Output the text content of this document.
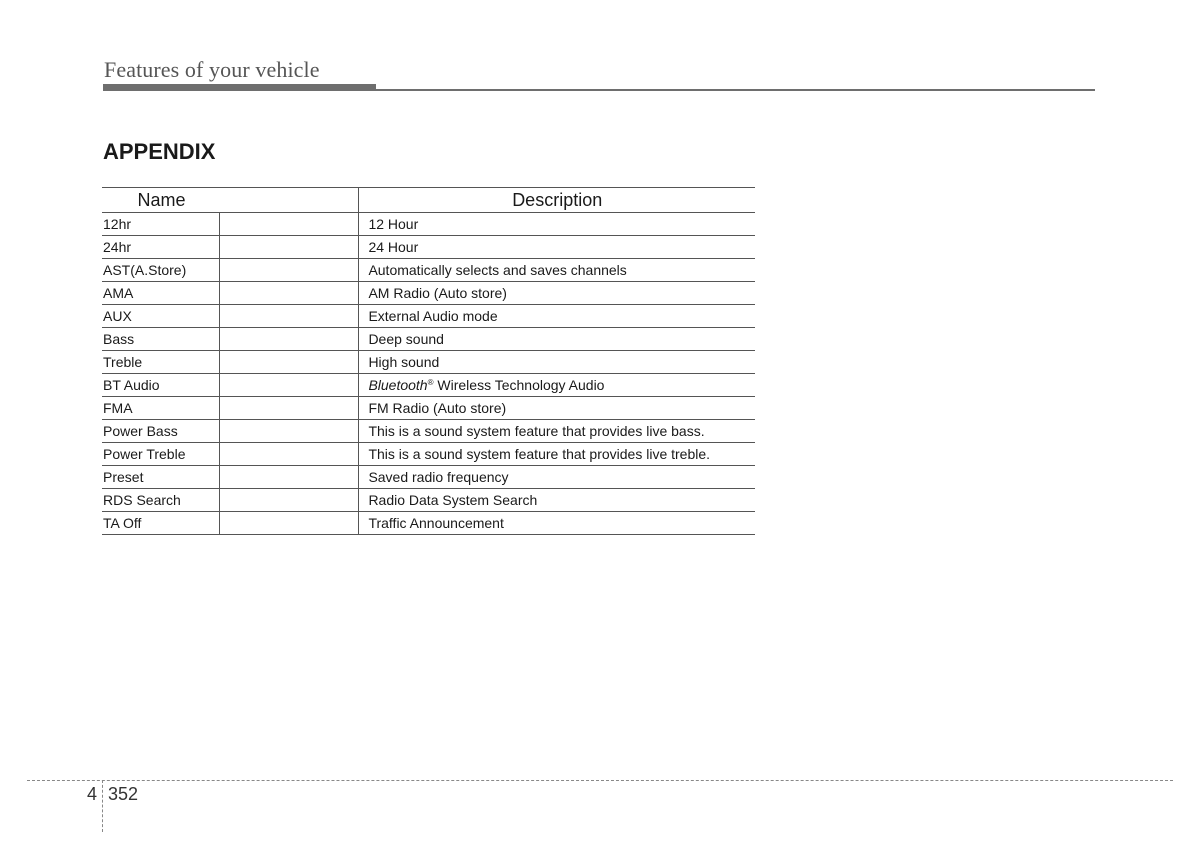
Features of your vehicle
APPENDIX
Name		Description
12hr		12 Hour
24hr		24 Hour
AST(A.Store)		Automatically selects and saves channels
AMA		AM Radio (Auto store)
AUX		External Audio mode
Bass		Deep sound
Treble		High sound
BT Audio		Bluetooth® Wireless Technology Audio
FMA		FM Radio (Auto store)
Power Bass		This is a sound system feature that provides live bass.
Power Treble		This is a sound system feature that provides live treble.
Preset		Saved radio frequency
RDS Search		Radio Data System Search
TA Off		Traffic Announcement
4 352
